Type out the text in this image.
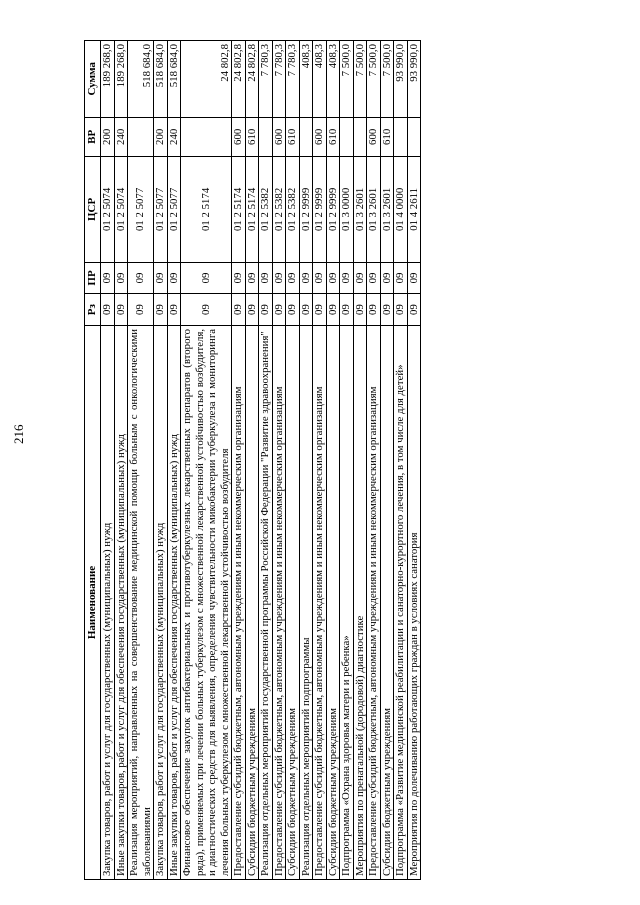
216
Наименование	Рз	ПР	ЦСР	ВР	Сумма
Закупка товаров, работ и услуг для государственных (муниципальных) нужд	09	09	01 2 5074	200	189 268,0
Иные закупки товаров, работ и услуг для обеспечения государственных (муниципальных) нужд	09	09	01 2 5074	240	189 268,0
Реализация мероприятий, направленных на совершенствование медицинской помощи больным с онкологическими заболеваниями	09	09	01 2 5077		518 684,0
Закупка товаров, работ и услуг для государственных (муниципальных) нужд	09	09	01 2 5077	200	518 684,0
Иные закупки товаров, работ и услуг для обеспечения государственных (муниципальных) нужд	09	09	01 2 5077	240	518 684,0
Финансовое обеспечение закупок антибактериальных и противотуберкулезных лекарственных препаратов (второго ряда), применяемых при лечении больных туберкулезом с множественной лекарственной устойчивостью возбудителя, и диагностических средств для выявления, определения чувствительности микобактерии туберкулеза и мониторинга лечения больных туберкулезом с множественной лекарственной устойчивостью возбудителя	09	09	01 2 5174		24 802,8
Предоставление субсидий бюджетным, автономным учреждениям и иным некоммерческим организациям	09	09	01 2 5174	600	24 802,8
Субсидии бюджетным учреждениям	09	09	01 2 5174	610	24 802,8
Реализация отдельных мероприятий государственной программы Российской Федерации "Развитие здравоохранения"	09	09	01 2 5382		7 780,3
Предоставление субсидий бюджетным, автономным учреждениям и иным некоммерческим организациям	09	09	01 2 5382	600	7 780,3
Субсидии бюджетным учреждениям	09	09	01 2 5382	610	7 780,3
Реализация отдельных мероприятий подпрограммы	09	09	01 2 9999		408,3
Предоставление субсидий бюджетным, автономным учреждениям и иным некоммерческим организациям	09	09	01 2 9999	600	408,3
Субсидии бюджетным учреждениям	09	09	01 2 9999	610	408,3
Подпрограмма «Охрана здоровья матери и ребенка»	09	09	01 3 0000		7 500,0
Мероприятия по пренатальной (дородовой) диагностике	09	09	01 3 2601		7 500,0
Предоставление субсидий бюджетным, автономным учреждениям и иным некоммерческим организациям	09	09	01 3 2601	600	7 500,0
Субсидии бюджетным учреждениям	09	09	01 3 2601	610	7 500,0
Подпрограмма «Развитие медицинской реабилитации и санаторно-курортного лечения, в том числе для детей»	09	09	01 4 0000		93 990,0
Мероприятия по долечиванию работающих граждан в условиях санатория	09	09	01 4 2611		93 990,0
